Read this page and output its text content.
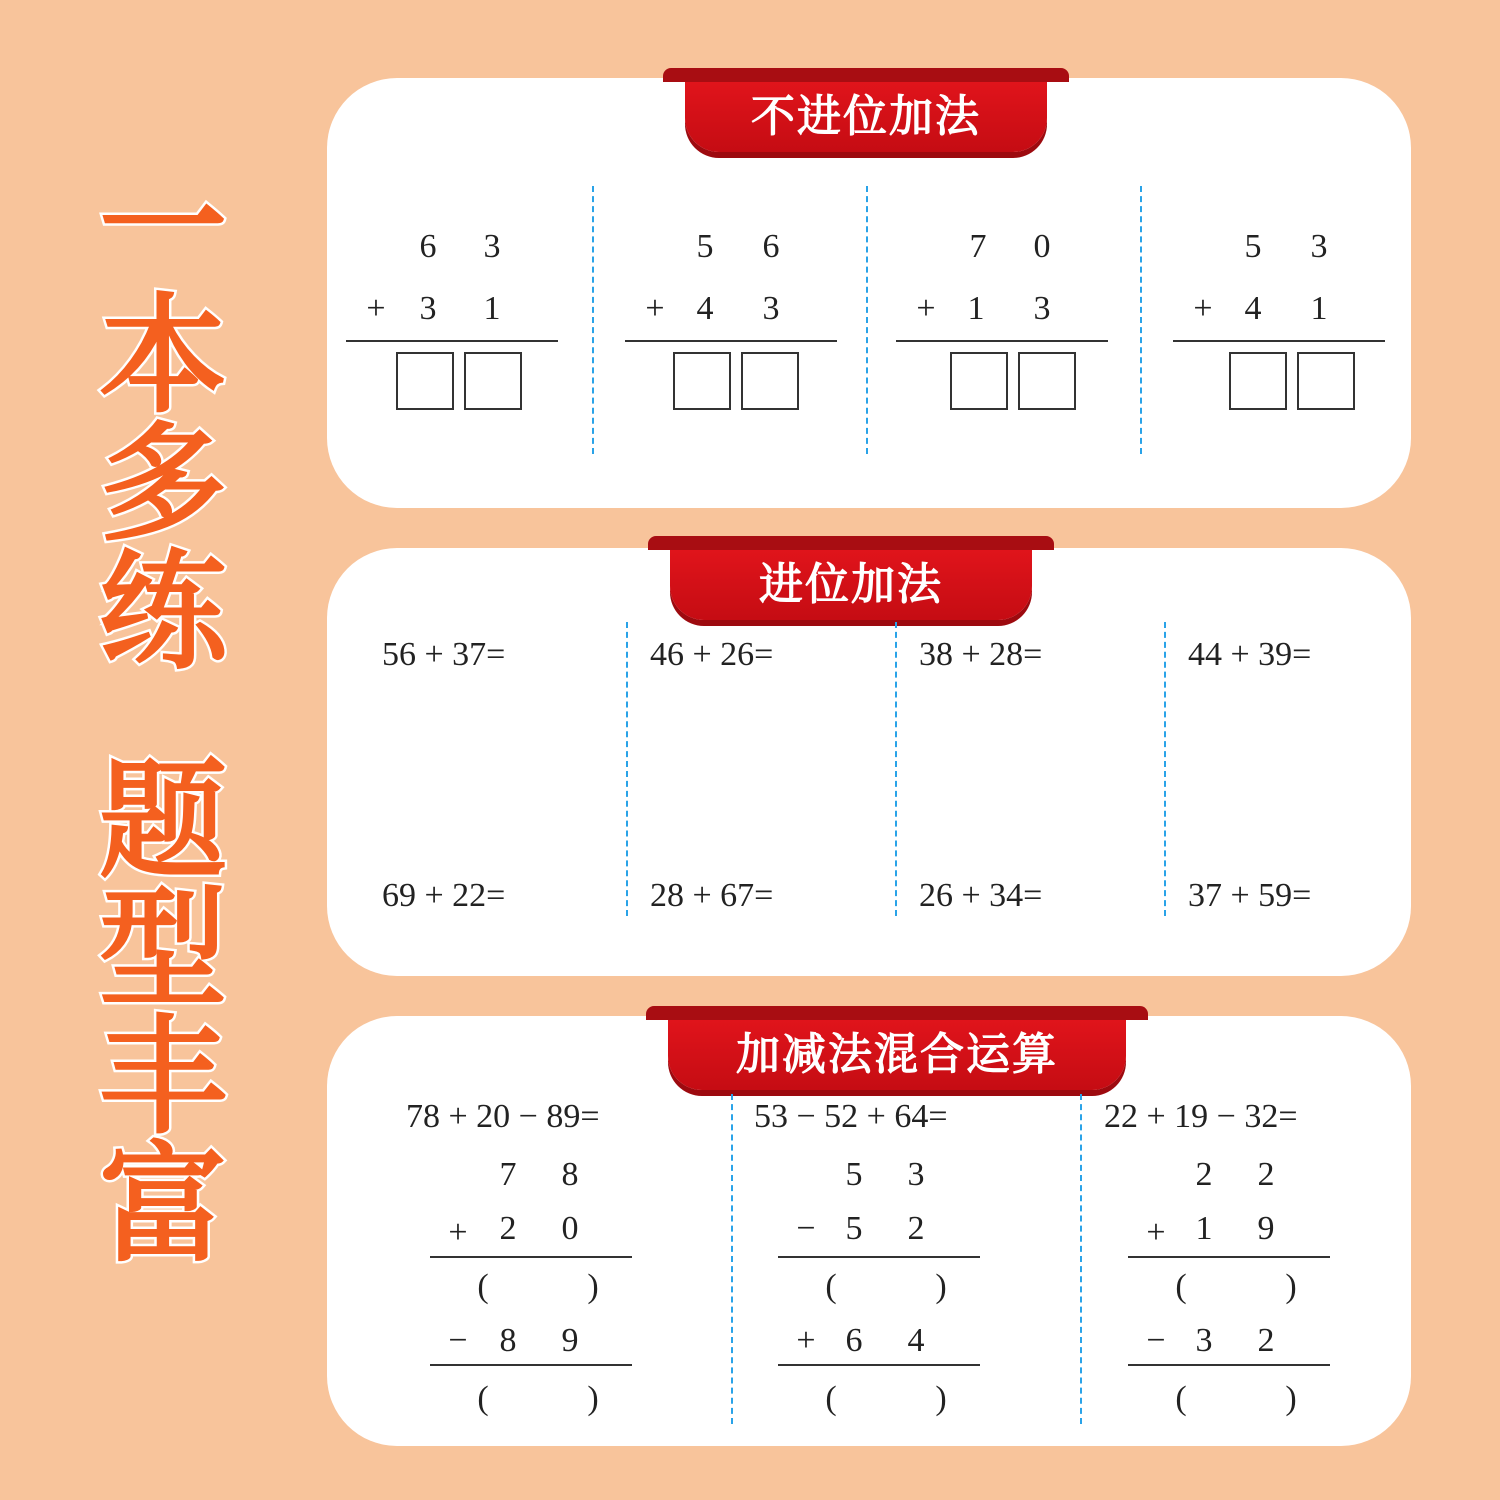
一
本
多
练
题
型
丰
富
不进位加法
6	3
+ 3	1
5	6
+ 4	3
7	0
+ 1	3
5	3
+ 4	1
进位加法
56 + 37=	46 + 26=	38 + 28=	44 + 39=
69 + 22=	28 + 67=	26 + 34=	37 + 59=
加减法混合运算
78 + 20 − 89=
7	8
+ 2	0
(	)
− 8	9
(	)
53 − 52 + 64=
5	3
− 5	2
(	)
+ 6	4
(	)
22 + 19 − 32=
2	2
+ 1	9
(	)
− 3	2
(	)
